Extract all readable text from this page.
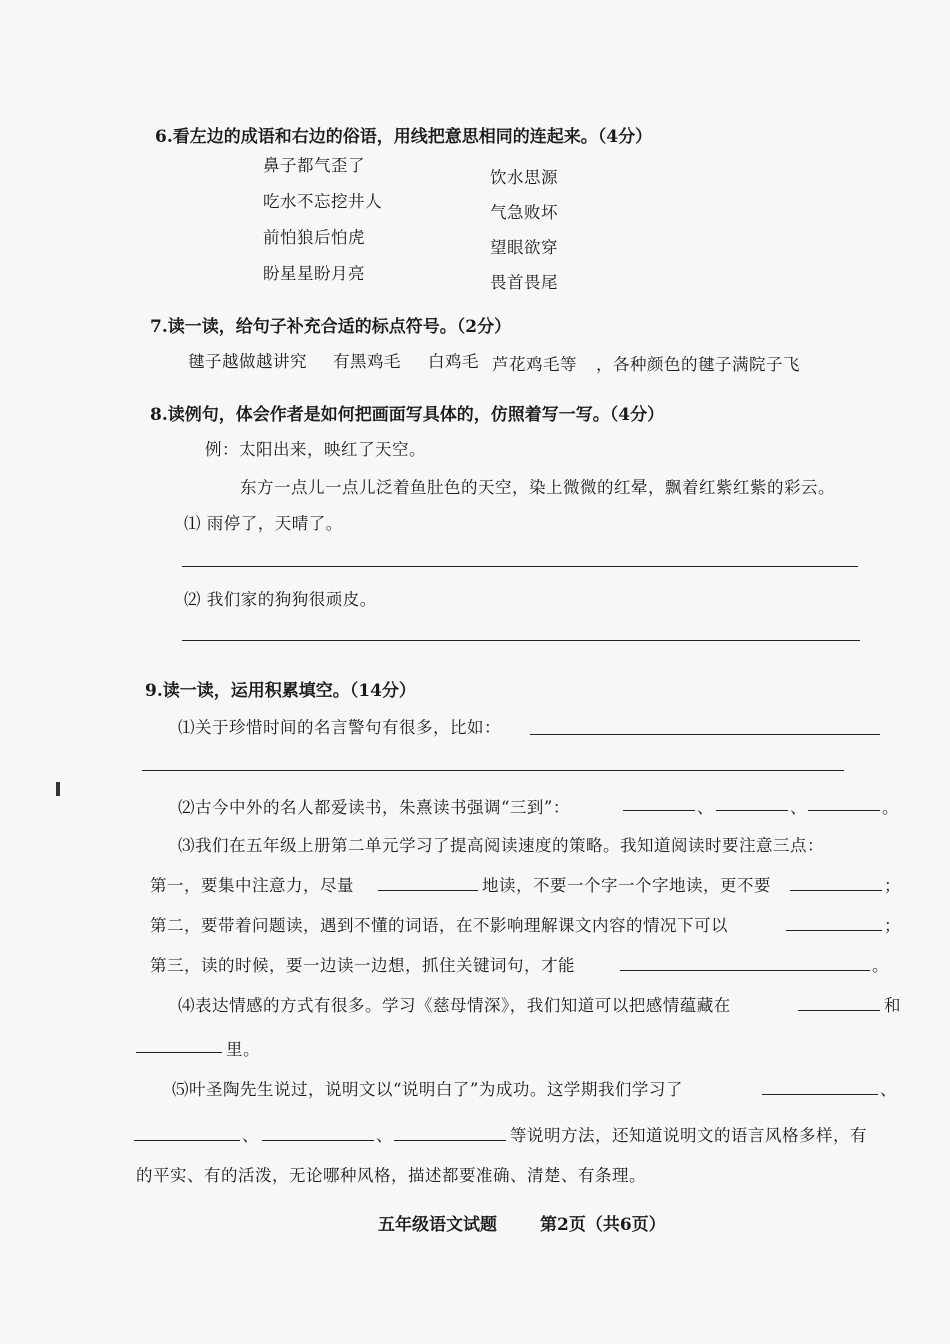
6.看左边的成语和右边的俗语，用线把意思相同的连起来。（4分）
鼻子都气歪了
吃水不忘挖井人
前怕狼后怕虎
盼星星盼月亮
饮水思源
气急败坏
望眼欲穿
畏首畏尾
7.读一读，给句子补充合适的标点符号。（2分）
毽子越做越讲究 有黑鸡毛 白鸡毛 芦花鸡毛等 ，各种颜色的毽子满院子飞
8.读例句，体会作者是如何把画面写具体的，仿照着写一写。（4分）
例：太阳出来，映红了天空。
东方一点儿一点儿泛着鱼肚色的天空，染上微微的红晕，飘着红紫红紫的彩云。
⑴ 雨停了，天晴了。
⑵ 我们家的狗狗很顽皮。
9.读一读，运用积累填空。（14分）
⑴关于珍惜时间的名言警句有很多，比如：
⑵古今中外的名人都爱读书，朱熹读书强调“三到”：	、	、	。
⑶我们在五年级上册第二单元学习了提高阅读速度的策略。我知道阅读时要注意三点：
第一，要集中注意力，尽量	地读，不要一个字一个字地读，更不要	；
第二，要带着问题读，遇到不懂的词语，在不影响理解课文内容的情况下可以	；
第三，读的时候，要一边读一边想，抓住关键词句，才能	。
⑷表达情感的方式有很多。学习《慈母情深》，我们知道可以把感情蕴藏在	和
里。
⑸叶圣陶先生说过，说明文以“说明白了”为成功。这学期我们学习了	、
、	、	等说明方法，还知道说明文的语言风格多样，有
的平实、有的活泼，无论哪种风格，描述都要准确、清楚、有条理。
五年级语文试题	第2页（共6页）
